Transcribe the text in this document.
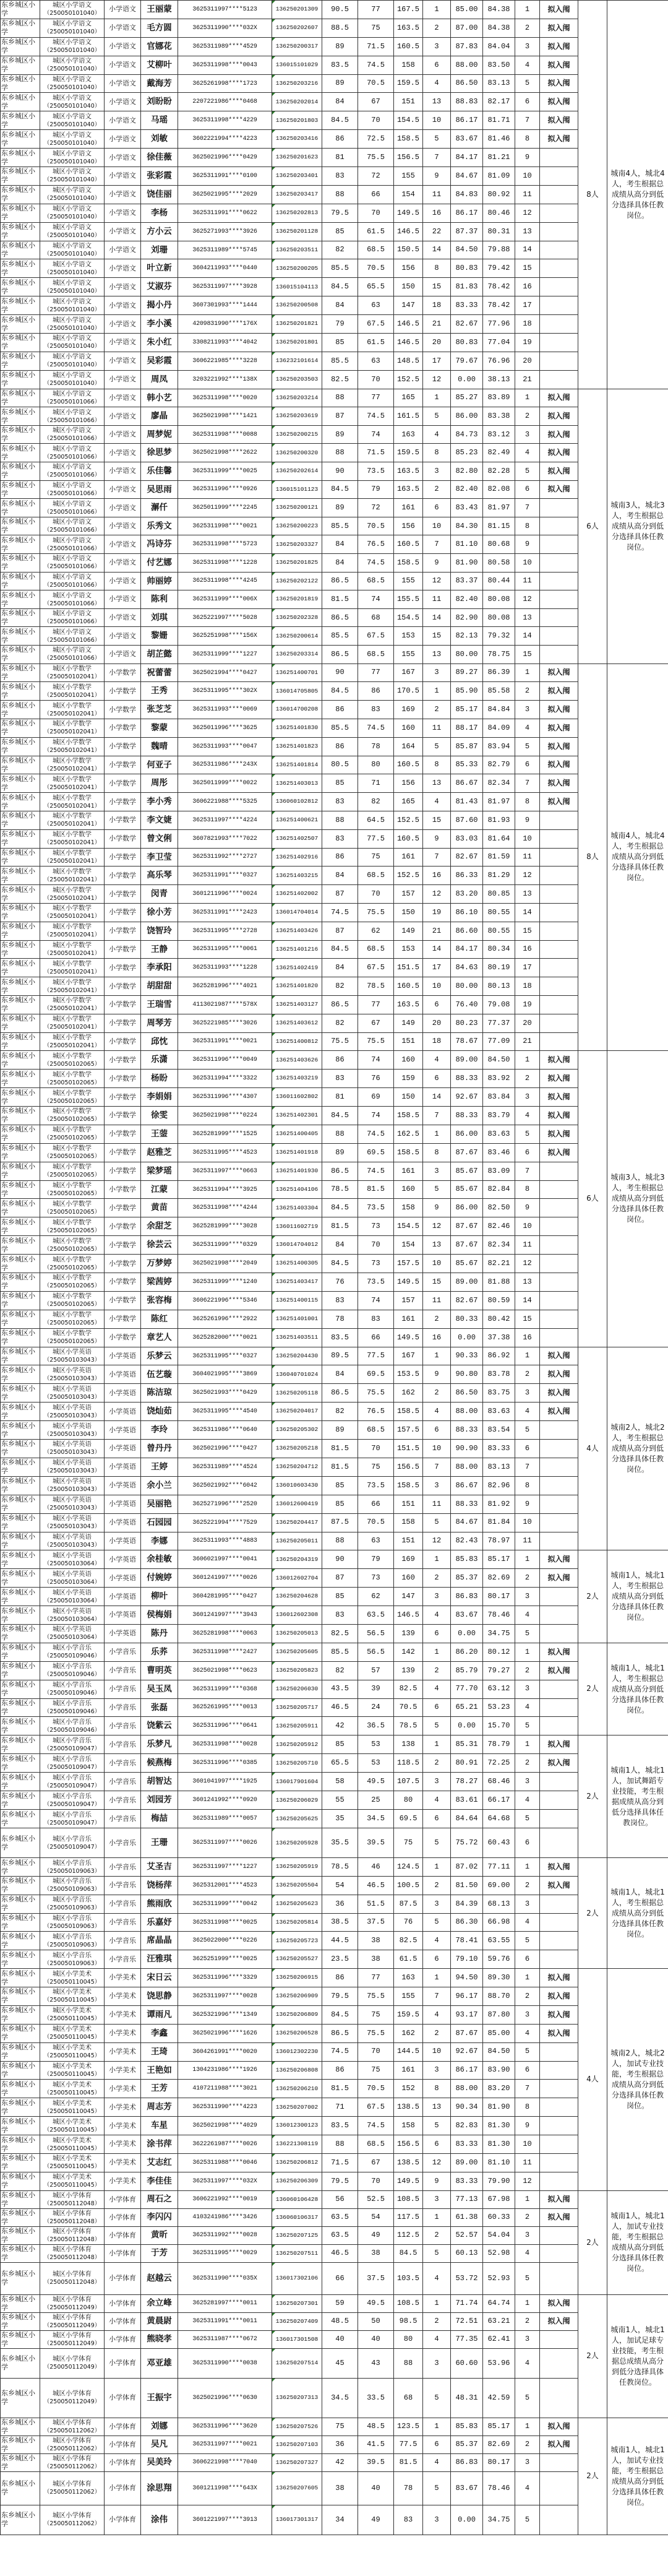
东乡城区小学	城区小学语文
（250050101040）	小学语文	王丽蒙	3625311997****5123	136250201309	90.5	77	167.5	1	85.00	84.38	1	拟入闱	8人	城南4人，城北4人，考生根据总成绩从高分到低分选择具体任教岗位。
东乡城区小学	城区小学语文
（250050101040）	小学语文	毛方圆	3625311990****032X	136250202607	88.5	75	163.5	2	87.00	84.38	2	拟入闱		
东乡城区小学	城区小学语文
（250050101040）	小学语文	官娜花	3625311989****4529	136250200317	89	71.5	160.5	3	87.83	84.04	3	拟入闱		
东乡城区小学	城区小学语文
（250050101040）	小学语文	艾柳叶	3625311998****0043	136015101029	83.5	74.5	158	6	88.00	83.50	4	拟入闱		
东乡城区小学	城区小学语文
（250050101040）	小学语文	戴海芳	3625261998****1723	136250203216	89	70.5	159.5	4	86.50	83.13	5	拟入闱		
东乡城区小学	城区小学语文
（250050101040）	小学语文	刘盼盼	2207221986****0468	136250202014	84	67	151	13	88.83	82.17	6	拟入闱		
东乡城区小学	城区小学语文
（250050101040）	小学语文	马瑶	3625311998****4229	136250201803	84.5	70	154.5	10	86.17	81.71	7	拟入闱		
东乡城区小学	城区小学语文
（250050101040）	小学语文	刘敏	3602221994****4223	136250203416	86	72.5	158.5	5	83.67	81.46	8	拟入闱		
东乡城区小学	城区小学语文
（250050101040）	小学语文	徐佳薇	3625021996****0429	136250201623	81	75.5	156.5	7	84.17	81.21	9			
东乡城区小学	城区小学语文
（250050101040）	小学语文	张彩霞	3625311991****0100	136250203401	83	72	155	9	84.67	81.09	10			
东乡城区小学	城区小学语文
（250050101040）	小学语文	饶佳丽	3625021995****2029	136250203417	88	66	154	11	84.83	80.92	11			
东乡城区小学	城区小学语文
（250050101040）	小学语文	李杨	3625311991****0622	136250202813	79.5	70	149.5	16	86.17	80.46	12			
东乡城区小学	城区小学语文
（250050101040）	小学语文	方小云	3625271993****3926	136250201128	85	61.5	146.5	22	87.37	80.31	13			
东乡城区小学	城区小学语文
（250050101040）	小学语文	刘珊	3625311989****5745	136250203511	82	68.5	150.5	14	84.50	79.88	14			
东乡城区小学	城区小学语文
（250050101040）	小学语文	叶立新	3604211993****0440	136250200205	85.5	70.5	156	8	80.83	79.42	15			
东乡城区小学	城区小学语文
（250050101040）	小学语文	艾淑芬	3625311997****3928	136015104113	84.5	65.5	150	15	81.83	78.42	16			
东乡城区小学	城区小学语文
（250050101040）	小学语文	揭小丹	3607301993****1444	136250200508	84	63	147	18	83.33	78.42	17			
东乡城区小学	城区小学语文
（250050101040）	小学语文	李小溪	4209831990****176X	136250201821	79	67.5	146.5	21	82.67	77.96	18			
东乡城区小学	城区小学语文
（250050101040）	小学语文	朱小红	3308211993****4042	136250201801	85	61.5	146.5	20	80.83	77.04	19			
东乡城区小学	城区小学语文
（250050101040）	小学语文	吴彩霞	3606221985****3228	136232101614	85.5	63	148.5	17	79.67	76.96	20			
东乡城区小学	城区小学语文
（250050101040）	小学语文	周凤	3203221992****138X	136250203503	82.5	70	152.5	12	0.00	38.13	21			
东乡城区小学	城区小学语文
（250050101066）	小学语文	韩小艺	3625311998****0020	136250203214	88	77	165	1	85.27	83.89	1	拟入闱	6人	城南3人，城北3人，考生根据总成绩从高分到低分选择具体任教岗位。
东乡城区小学	城区小学语文
（250050101066）	小学语文	廖晶	3625021998****1421	136250203619	87	74.5	161.5	5	86.00	83.38	2	拟入闱		
东乡城区小学	城区小学语文
（250050101066）	小学语文	周梦妮	3625311998****0088	136250200215	89	74	163	4	84.73	83.12	3	拟入闱		
东乡城区小学	城区小学语文
（250050101066）	小学语文	徐思梦	3625021998****2622	136250200320	88	71.5	159.5	8	85.23	82.49	4	拟入闱		
东乡城区小学	城区小学语文
（250050101066）	小学语文	乐佳馨	3625311999****0025	136250202614	90	73.5	163.5	3	82.80	82.28	5	拟入闱		
东乡城区小学	城区小学语文
（250050101066）	小学语文	吴思雨	3625311996****0926	136015101123	84.5	79	163.5	2	82.40	82.08	6	拟入闱		
东乡城区小学	城区小学语文
（250050101066）	小学语文	澥仟	3625011999****2245	136250200121	89	72	161	6	83.43	81.97	7			
东乡城区小学	城区小学语文
（250050101066）	小学语文	乐秀文	3625311998****0021	136250200223	85.5	70.5	156	10	84.30	81.15	8			
东乡城区小学	城区小学语文
（250050101066）	小学语文	冯诗芬	3625311998****5723	136250203327	84	76.5	160.5	7	81.10	80.68	9			
东乡城区小学	城区小学语文
（250050101066）	小学语文	付艺娜	3625311998****1228	136250201825	84	74.5	158.5	9	81.90	80.58	10			
东乡城区小学	城区小学语文
（250050101066）	小学语文	帅丽婷	3625311998****4245	136250202122	86.5	68.5	155	12	83.37	80.44	11			
东乡城区小学	城区小学语文
（250050101066）	小学语文	陈利	3625311999****006X	136250201819	81.5	74	155.5	11	82.40	80.08	12			
东乡城区小学	城区小学语文
（250050101066）	小学语文	刘琪	3625221997****5028	136250202328	86.5	68	154.5	14	82.90	80.08	13			
东乡城区小学	城区小学语文
（250050101066）	小学语文	黎姗	3625251998****156X	136250200614	85.5	67.5	153	15	82.13	79.32	14			
东乡城区小学	城区小学语文
（250050101066）	小学语文	胡芷懿	3625311999****1227	136250203314	86.5	68.5	155	13	80.00	78.75	15			
东乡城区小学	城区小学数学
（250050102041）	小学数学	祝蕾蕾	3625021994****0427	136251400701	90	77	167	3	89.27	86.39	1	拟入闱	8人	城南4人，城北4人，考生根据总成绩从高分到低分选择具体任教岗位。
东乡城区小学	城区小学数学
（250050102041）	小学数学	王秀	3625311995****302X	136014705805	84.5	86	170.5	1	85.90	85.58	2	拟入闱		
东乡城区小学	城区小学数学
（250050102041）	小学数学	张芝芝	3625311993****0069	136014700208	86	83	169	2	85.17	84.84	3	拟入闱		
东乡城区小学	城区小学数学
（250050102041）	小学数学	黎蒙	3625011996****3625	136251401830	85.5	74.5	160	11	88.17	84.09	4	拟入闱		
东乡城区小学	城区小学数学
（250050102041）	小学数学	魏晴	3625311993****0047	136251401823	86	78	164	5	85.87	83.94	5	拟入闱		
东乡城区小学	城区小学数学
（250050102041）	小学数学	何亚子	3625311986****243X	136251401814	80.5	80	160.5	8	85.33	82.79	6	拟入闱		
东乡城区小学	城区小学数学
（250050102041）	小学数学	周彤	3625011999****0022	136251403013	85	71	156	13	86.67	82.34	7	拟入闱		
东乡城区小学	城区小学数学
（250050102041）	小学数学	李小秀	3606221988****5325	136060102812	83	82	165	4	81.43	81.97	8	拟入闱		
东乡城区小学	城区小学数学
（250050102041）	小学数学	李文婕	3625311997****4224	136251400621	88	64.5	152.5	15	87.60	81.93	9			
东乡城区小学	城区小学数学
（250050102041）	小学数学	曾文俐	3607821993****7022	136251402507	83	77.5	160.5	9	83.03	81.64	10			
东乡城区小学	城区小学数学
（250050102041）	小学数学	李卫莹	3625311992****2727	136251402916	86	75	161	7	82.67	81.59	11			
东乡城区小学	城区小学数学
（250050102041）	小学数学	高乐琴	3625311991****0327	136251403215	84	68.5	152.5	16	86.33	81.29	12			
东乡城区小学	城区小学数学
（250050102041）	小学数学	闵青	3601211996****0024	136251402002	87	70	157	12	83.20	80.85	13			
东乡城区小学	城区小学数学
（250050102041）	小学数学	徐小芳	3625311991****2423	136014704014	74.5	75.5	150	19	86.10	80.55	14			
东乡城区小学	城区小学数学
（250050102041）	小学数学	饶智玲	3625311995****2728	136251403426	87	62	149	21	86.60	80.55	15			
东乡城区小学	城区小学数学
（250050102041）	小学数学	王静	3625311995****0061	136251401216	84.5	68.5	153	14	84.17	80.34	16			
东乡城区小学	城区小学数学
（250050102041）	小学数学	李承阳	3625311993****1228	136251402419	84	67.5	151.5	17	84.63	80.19	17			
东乡城区小学	城区小学数学
（250050102041）	小学数学	胡甜甜	3625281996****4021	136251401820	82	78.5	160.5	10	80.00	80.13	18			
东乡城区小学	城区小学数学
（250050102041）	小学数学	王瑞雪	4113021987****578X	136251403127	86.5	77	163.5	6	76.40	79.08	19			
东乡城区小学	城区小学数学
（250050102041）	小学数学	周琴芳	3625221985****3026	136251403612	82	67	149	20	80.23	77.37	20			
东乡城区小学	城区小学数学
（250050102041）	小学数学	邱忱	3625311991****0021	136251400812	75.5	75.5	151	18	78.67	77.09	21			
东乡城区小学	城区小学数学
（250050102065）	小学数学	乐潇	3625311996****0049	136251403626	86	74	160	4	89.00	84.50	1	拟入闱	6人	城南3人，城北3人，考生根据总成绩从高分到低分选择具体任教岗位。
东乡城区小学	城区小学数学
（250050102065）	小学数学	杨盼	3625311994****3322	136251403219	83	76	159	6	88.33	83.92	2	拟入闱		
东乡城区小学	城区小学数学
（250050102065）	小学数学	李娟娟	3625311996****4307	136011602802	81	69	150	14	92.67	83.84	3	拟入闱		
东乡城区小学	城区小学数学
（250050102065）	小学数学	徐雯	3625021998****0224	136251402301	84.5	74	158.5	7	88.33	83.79	4	拟入闱		
东乡城区小学	城区小学数学
（250050102065）	小学数学	王蓥	3625281999****1525	136251400405	88	74.5	162.5	1	86.00	83.63	5	拟入闱		
东乡城区小学	城区小学数学
（250050102065）	小学数学	赵雅芝	3625311995****4523	136251401918	89	69.5	158.5	8	87.67	83.46	6	拟入闱		
东乡城区小学	城区小学数学
（250050102065）	小学数学	梁梦瑶	3625311997****0663	136251401930	86.5	74.5	161	3	85.67	83.09	7			
东乡城区小学	城区小学数学
（250050102065）	小学数学	江蒙	3625311994****3925	136251404106	78.5	81.5	160	5	85.67	82.84	8			
东乡城区小学	城区小学数学
（250050102065）	小学数学	黄苗	3625311998****4244	136251403304	84.5	73.5	158	9	86.00	82.50	9			
东乡城区小学	城区小学数学
（250050102065）	小学数学	余甜芝	3625281999****3028	136011602719	81.5	73	154.5	12	87.67	82.46	10			
东乡城区小学	城区小学数学
（250050102065）	小学数学	徐芸云	3625311999****0329	136014704012	84	70	154	13	87.67	82.34	11			
东乡城区小学	城区小学数学
（250050102065）	小学数学	万梦婷	3625021998****2049	136251400305	84.5	73	157.5	10	85.67	82.21	12			
东乡城区小学	城区小学数学
（250050102065）	小学数学	梁茜婷	3625311999****1240	136251403417	76	73.5	149.5	15	89.00	81.88	13			
东乡城区小学	城区小学数学
（250050102065）	小学数学	张容梅	3606221996****5346	136251400115	83	74	157	11	82.67	80.59	14			
东乡城区小学	城区小学数学
（250050102065）	小学数学	陈红	3625261996****2922	136251401001	78	83	161	2	80.33	80.42	15			
东乡城区小学	城区小学数学
（250050102065）	小学数学	章艺人	3625282000****0021	136251403511	83.5	66	149.5	16	0.00	37.38	16			
东乡城区小学	城区小学英语
（250050103043）	小学英语	乐梦云	3625311995****0327	136250204430	89.5	77.5	167	1	90.33	86.92	1	拟入闱	4人	城南2人，城北2人，考生根据总成绩从高分到低分选择具体任教岗位。
东乡城区小学	城区小学英语
（250050103043）	小学英语	伍艺璇	3604021995****3869	136040701024	84	69.5	153.5	9	90.80	83.78	2	拟入闱		
东乡城区小学	城区小学英语
（250050103043）	小学英语	陈洁琼	3625021993****0429	136250205118	86.5	75.5	162	2	86.50	83.75	3	拟入闱		
东乡城区小学	城区小学英语
（250050103043）	小学英语	饶灿茹	3625311995****4540	136250204017	82	76.5	158.5	4	88.00	83.63	4	拟入闱		
东乡城区小学	城区小学英语
（250050103043）	小学英语	李玲	3625311986****0640	136250205302	89	68.5	157.5	6	88.33	83.54	5			
东乡城区小学	城区小学英语
（250050103043）	小学英语	曾丹丹	3625021996****0427	136250205218	81.5	70	151.5	10	90.90	83.33	6			
东乡城区小学	城区小学英语
（250050103043）	小学英语	王婷	3625311989****4524	136250204712	81.5	75	156.5	7	88.00	83.13	7			
东乡城区小学	城区小学英语
（250050103043）	小学英语	余小兰	3625021992****6042	136010603430	85	73.5	158.5	3	86.67	82.96	8			
东乡城区小学	城区小学英语
（250050103043）	小学英语	吴丽艳	3625271996****2520	136012600419	85	66	151	11	88.33	81.92	9			
东乡城区小学	城区小学英语
（250050103043）	小学英语	石园园	3625221994****7529	136250204417	87.5	70.5	158	5	84.67	81.84	10			
东乡城区小学	城区小学英语
（250050103043）	小学英语	李娜	3625311993****4883	136250205011	88	63	151	12	82.43	78.97	11			
东乡城区小学	城区小学英语
（250050103064）	小学英语	余桂敏	3606021997****0041	136250204319	90	79	169	1	85.83	85.17	1	拟入闱	2人	城南1人，城北1人，考生根据总成绩从高分到低分选择具体任教岗位。
东乡城区小学	城区小学英语
（250050103064）	小学英语	付婉婷	3601241997****0026	136012602704	87	73	160	2	85.37	82.69	2	拟入闱		
东乡城区小学	城区小学英语
（250050103064）	小学英语	柳叶	3604281995****0427	136250204628	85	62	147	3	86.83	80.17	3			
东乡城区小学	城区小学英语
（250050103064）	小学英语	侯梅娟	3601241997****3943	136012602308	83	63.5	146.5	4	83.67	78.46	4			
东乡城区小学	城区小学英语
（250050103064）	小学英语	陈丹	3625281998****0063	136250205013	82.5	56.5	139	6	0.00	34.75	5			
东乡城区小学	城区小学音乐
（250050109046）	小学音乐	乐荞	3625311998****2427	136250205605	85.5	56.5	142	1	86.20	80.12	1	拟入闱	2人	城南1人，城北1人，考生根据总成绩从高分到低分选择具体任教岗位。
东乡城区小学	城区小学音乐
（250050109046）	小学音乐	曹明英	3625021998****0623	136250205823	82	57	139	2	85.79	79.27	2	拟入闱		
东乡城区小学	城区小学音乐
（250050109046）	小学音乐	吴玉凤	3625311999****0368	136250206030	43.5	39	82.5	4	77.70	63.12	3			
东乡城区小学	城区小学音乐
（250050109046）	小学音乐	张磊	3625261995****0013	136250205717	46.5	24	70.5	6	65.21	53.23	4			
东乡城区小学	城区小学音乐
（250050109046）	小学音乐	饶紫云	3625311996****0641	136250205911	42	36.5	78.5	5	0.00	15.70	5			
东乡城区小学	城区小学音乐
（250050109047）	小学音乐	乐梦凡	3625311998****0028	136250205912	85	53	138	1	85.31	78.79	1	拟入闱	2人	城南1人，城北1人，加试舞蹈专业技能，考生根据成绩从高分到低分选择具体任教岗位。
东乡城区小学	城区小学音乐
（250050109047）	小学音乐	候燕梅	3625311996****0385	136250205710	65.5	53	118.5	2	80.91	72.25	2	拟入闱		
东乡城区小学	城区小学音乐
（250050109047）	小学音乐	胡智达	3601041997****1925	136017901604	58	49.5	107.5	3	78.27	68.46	3			
东乡城区小学	城区小学音乐
（250050109047）	小学音乐	刘园芳	3601241992****0920	136250206029	55	25	80	4	83.61	66.17	4			
东乡城区小学	城区小学音乐
（250050109047）	小学音乐	梅喆	3625311989****0057	136250205625	35	34.5	69.5	6	84.64	64.68	5			
东乡城区小学	城区小学音乐
（250050109047）	小学音乐	王珊	3625311997****0026	136250205928	35.5	39.5	75	5	75.72	60.43	6			
东乡城区小学	城区小学音乐
（250050109063）	小学音乐	艾圣吉	3625311997****1227	136250205919	78.5	46	124.5	1	87.02	77.11	1	拟入闱	2人	城南1人，城北1人，考生根据总成绩从高分到低分选择具体任教岗位。
东乡城区小学	城区小学音乐
（250050109063）	小学音乐	饶杨萍	3625312001****4523	136250205504	54	46.5	100.5	2	81.50	69.00	2	拟入闱		
东乡城区小学	城区小学音乐
（250050109063）	小学音乐	熊雨欣	3625311999****0042	136250205623	36	51.5	87.5	3	84.39	68.13	3			
东乡城区小学	城区小学音乐
（250050109063）	小学音乐	乐嘉妤	3625311998****0025	136250205814	38.5	37.5	76	5	86.30	66.98	4			
东乡城区小学	城区小学音乐
（250050109063）	小学音乐	席晶晶	3625022000****0226	136250205723	44.5	38	82.5	4	78.41	63.55	5			
东乡城区小学	城区小学音乐
（250050109063）	小学音乐	汪雅琪	3625251999****0025	136250205527	23.5	38	61.5	6	79.10	59.76	6			
东乡城区小学	城区小学美术
（250050110045）	小学美术	宋日云	3625311996****3329	136250206915	86	77	163	1	94.50	89.30	1	拟入闱	4人	城南2人，城北2人，加试专业技能，考生根据总成绩从高分到低分选择具体任教岗位。
东乡城区小学	城区小学美术
（250050110045）	小学美术	饶思静	3625311997****0028	136250206909	79.5	75.5	155	7	96.17	88.70	2	拟入闱		
东乡城区小学	城区小学美术
（250050110045）	小学美术	谭雨凡	3625321996****1349	136250206809	84.5	75	159.5	4	93.17	87.80	3	拟入闱		
东乡城区小学	城区小学美术
（250050110045）	小学美术	李鑫	3625021996****1626	136250206528	86.5	75.5	162	2	87.67	85.00	4	拟入闱		
东乡城区小学	城区小学美术
（250050110045）	小学美术	王琦	3604261991****0020	136012302230	74.5	70	144.5	10	92.67	84.50	5			
东乡城区小学	城区小学美术
（250050110045）	小学美术	王艳如	1304231986****1926	136250206808	86	75	161	3	86.17	83.90	6			
东乡城区小学	城区小学美术
（250050110045）	小学美术	王芳	4107211988****3021	136250206210	81.5	70.5	152	8	88.00	83.20	7			
东乡城区小学	城区小学美术
（250050110045）	小学美术	周志芳	3625311990****4223	136250207002	71	67.5	138.5	13	90.34	81.90	8			
东乡城区小学	城区小学美术
（250050110045）	小学美术	车星	3625021998****4029	136012300123	83.5	74.5	158	5	82.83	81.30	9			
东乡城区小学	城区小学美术
（250050110045）	小学美术	涂书萍	3622261987****0026	136221308119	88	68.5	156.5	6	83.33	81.30	10			
东乡城区小学	城区小学美术
（250050110045）	小学美术	艾志红	3625311988****0046	136250206812	71.5	67	138.5	12	89.00	81.10	11			
东乡城区小学	城区小学美术
（250050110045）	小学美术	李佳佳	3625311997****032X	136250206309	79.5	70	149.5	9	83.33	79.90	12			
东乡城区小学	城区小学体育
（250050112048）	小学体育	周石之	3606221992****0019	136060106428	56	52.5	108.5	3	77.13	67.98	1	拟入闱	2人	城南1人，城北1人，加试专业技能，考生根据总成绩从高分到低分选择具体任教岗位。
东乡城区小学	城区小学体育
（250050112048）	小学体育	李闪闪	4103241986****3426	136060106317	63.5	54	117.5	1	61.38	60.33	2	拟入闱		
东乡城区小学	城区小学体育
（250050112048）	小学体育	黄昕	3625311992****0028	136250207125	63.5	49	112.5	2	52.57	54.04	3			
东乡城区小学	城区小学体育
（250050112048）	小学体育	于芳	3625311995****0029	136250207511	46.5	38	84.5	5	60.13	52.98	4			
东乡城区小学	城区小学体育
（250050112048）	小学体育	赵越云	3625311990****035X	136017302106	66	37.5	103.5	4	53.72	52.93	5			
东乡城区小学	城区小学体育
（250050112049）	小学体育	余立峰	3625281997****0011	136250207301	59	49.5	108.5	1	71.74	64.74	1	拟入闱	2人	城南1人，城北1人，加试足球专业技能，考生根据总成绩从高分到低分选择具体任教岗位。
东乡城区小学	城区小学体育
（250050112049）	小学体育	黄晨尉	3625311991****0011	136250207409	48.5	50	98.5	2	72.51	63.21	2	拟入闱		
东乡城区小学	城区小学体育
（250050112049）	小学体育	熊晓孝	3625311987****0672	136017301508	40	40	80	4	77.35	62.41	3			
东乡城区小学	城区小学体育
（250050112049）	小学体育	邓亚雄	3625311990****0038	136250207514	45	43	88	3	60.60	53.96	4			
东乡城区小学	城区小学体育
（250050112049）	小学体育	王振宇	3625021996****0630	136250207313	34.5	33.5	68	5	48.31	42.59	5			
东乡城区小学	城区小学体育
（250050112062）	小学体育	刘娜	3625311996****3620	136250207526	75	48.5	123.5	1	85.83	85.17	1	拟入闱	2人	城南1人，城北1人，加试专业技能，考生根据总成绩从高分到低分选择具体任教岗位。
东乡城区小学	城区小学体育
（250050112062）	小学体育	吴凡	3625311997****0021	136250207103	36	41.5	77.5	6	85.37	82.69	2	拟入闱		
东乡城区小学	城区小学体育
（250050112062）	小学体育	吴美玲	3606221998****7040	136250207327	42	39.5	81.5	4	86.83	80.17	3			
东乡城区小学	城区小学体育
（250050112062）	小学体育	涂思翔	3601211998****643X	136250207605	38	40	78	5	83.67	78.46	4			
东乡城区小学	城区小学体育
（250050112062）	小学体育	涂伟	3601221997****3913	136017301317	34	49	83	3	0.00	34.75	5			
